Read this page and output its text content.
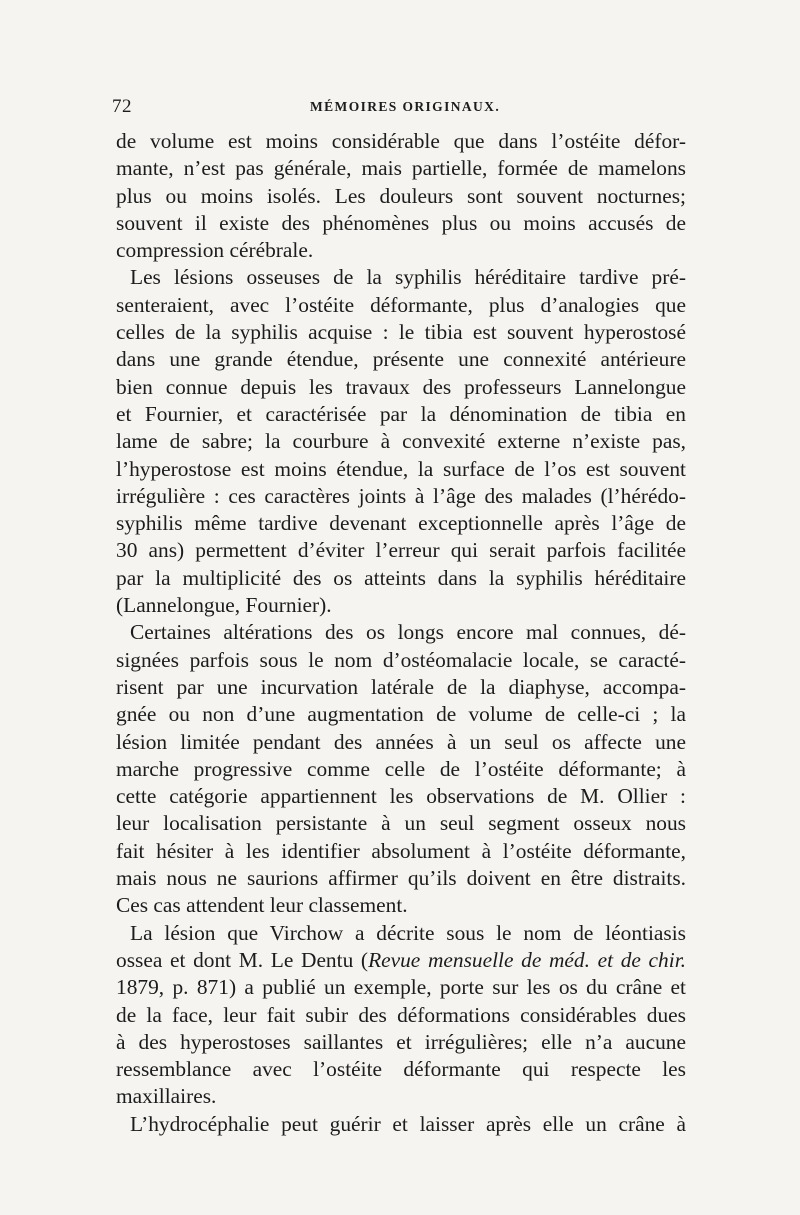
72	MÉMOIRES ORIGINAUX.
de volume est moins considérable que dans l’ostéite défor-
mante, n’est pas générale, mais partielle, formée de mamelons
plus ou moins isolés. Les douleurs sont souvent nocturnes;
souvent il existe des phénomènes plus ou moins accusés de
compression cérébrale.
Les lésions osseuses de la syphilis héréditaire tardive pré-
senteraient, avec l’ostéite déformante, plus d’analogies que
celles de la syphilis acquise : le tibia est souvent hyperostosé
dans une grande étendue, présente une connexité antérieure
bien connue depuis les travaux des professeurs Lannelongue
et Fournier, et caractérisée par la dénomination de tibia en
lame de sabre; la courbure à convexité externe n’existe pas,
l’hyperostose est moins étendue, la surface de l’os est souvent
irrégulière : ces caractères joints à l’âge des malades (l’hérédo-
syphilis même tardive devenant exceptionnelle après l’âge de
30 ans) permettent d’éviter l’erreur qui serait parfois facilitée
par la multiplicité des os atteints dans la syphilis héréditaire
(Lannelongue, Fournier).
Certaines altérations des os longs encore mal connues, dé-
signées parfois sous le nom d’ostéomalacie locale, se caracté-
risent par une incurvation latérale de la diaphyse, accompa-
gnée ou non d’une augmentation de volume de celle-ci ; la
lésion limitée pendant des années à un seul os affecte une
marche progressive comme celle de l’ostéite déformante; à
cette catégorie appartiennent les observations de M. Ollier :
leur localisation persistante à un seul segment osseux nous
fait hésiter à les identifier absolument à l’ostéite déformante,
mais nous ne saurions affirmer qu’ils doivent en être distraits.
Ces cas attendent leur classement.
La lésion que Virchow a décrite sous le nom de léontiasis
ossea et dont M. Le Dentu (Revue mensuelle de méd. et de chir.
1879, p. 871) a publié un exemple, porte sur les os du crâne et
de la face, leur fait subir des déformations considérables dues
à des hyperostoses saillantes et irrégulières; elle n’a aucune
ressemblance avec l’ostéite déformante qui respecte les
maxillaires.
L’hydrocéphalie peut guérir et laisser après elle un crâne à
